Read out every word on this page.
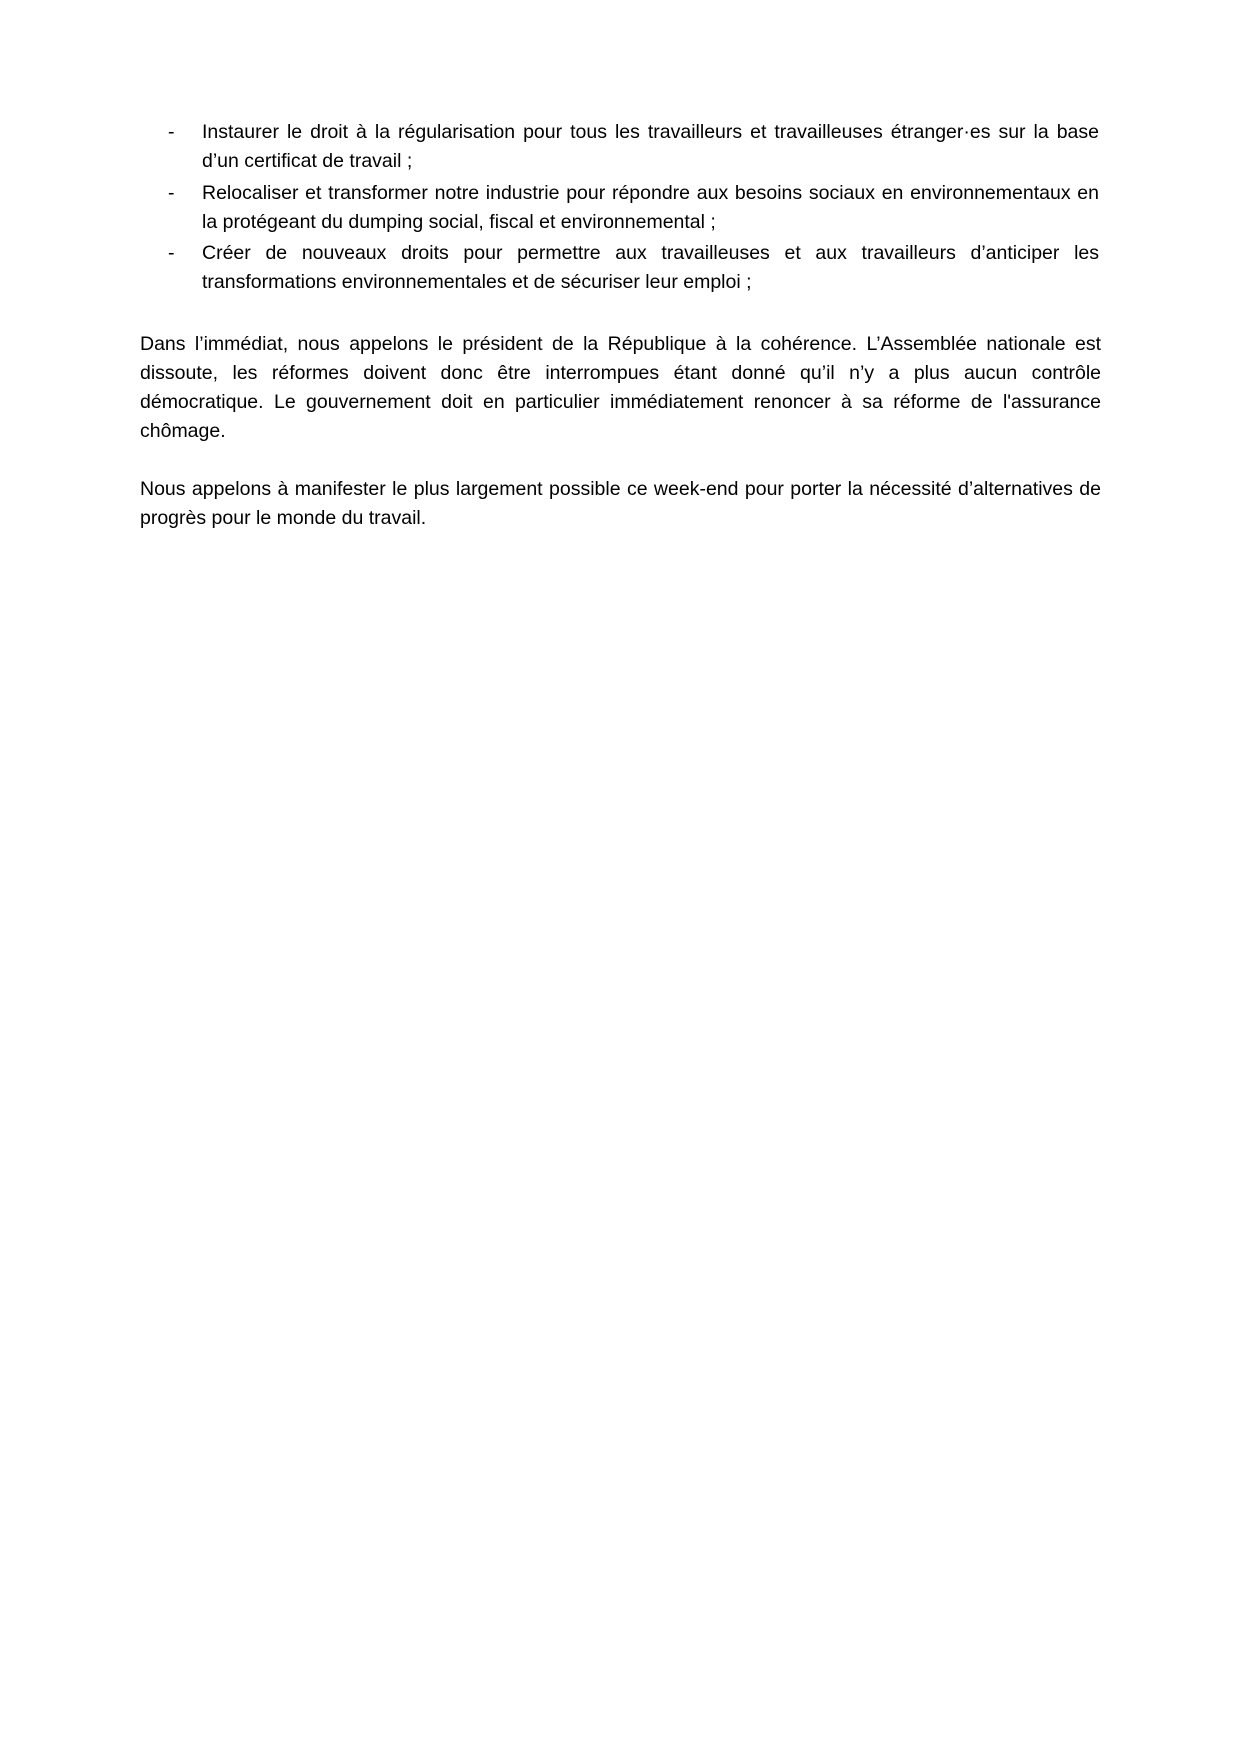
-	Instaurer le droit à la régularisation pour tous les travailleurs et travailleuses étranger·es sur la base d’un certificat de travail ;
-	Relocaliser et transformer notre industrie pour répondre aux besoins sociaux en environnementaux en la protégeant du dumping social, fiscal et environnemental ;
-	Créer de nouveaux droits pour permettre aux travailleuses et aux travailleurs d’anticiper les transformations environnementales et de sécuriser leur emploi ;

Dans l’immédiat, nous appelons le président de la République à la cohérence. L’Assemblée nationale est dissoute, les réformes doivent donc être interrompues étant donné qu’il n’y a plus aucun contrôle démocratique. Le gouvernement doit en particulier immédiatement renoncer à sa réforme de l'assurance chômage.

Nous appelons à manifester le plus largement possible ce week-end pour porter la nécessité d’alternatives de progrès pour le monde du travail.
